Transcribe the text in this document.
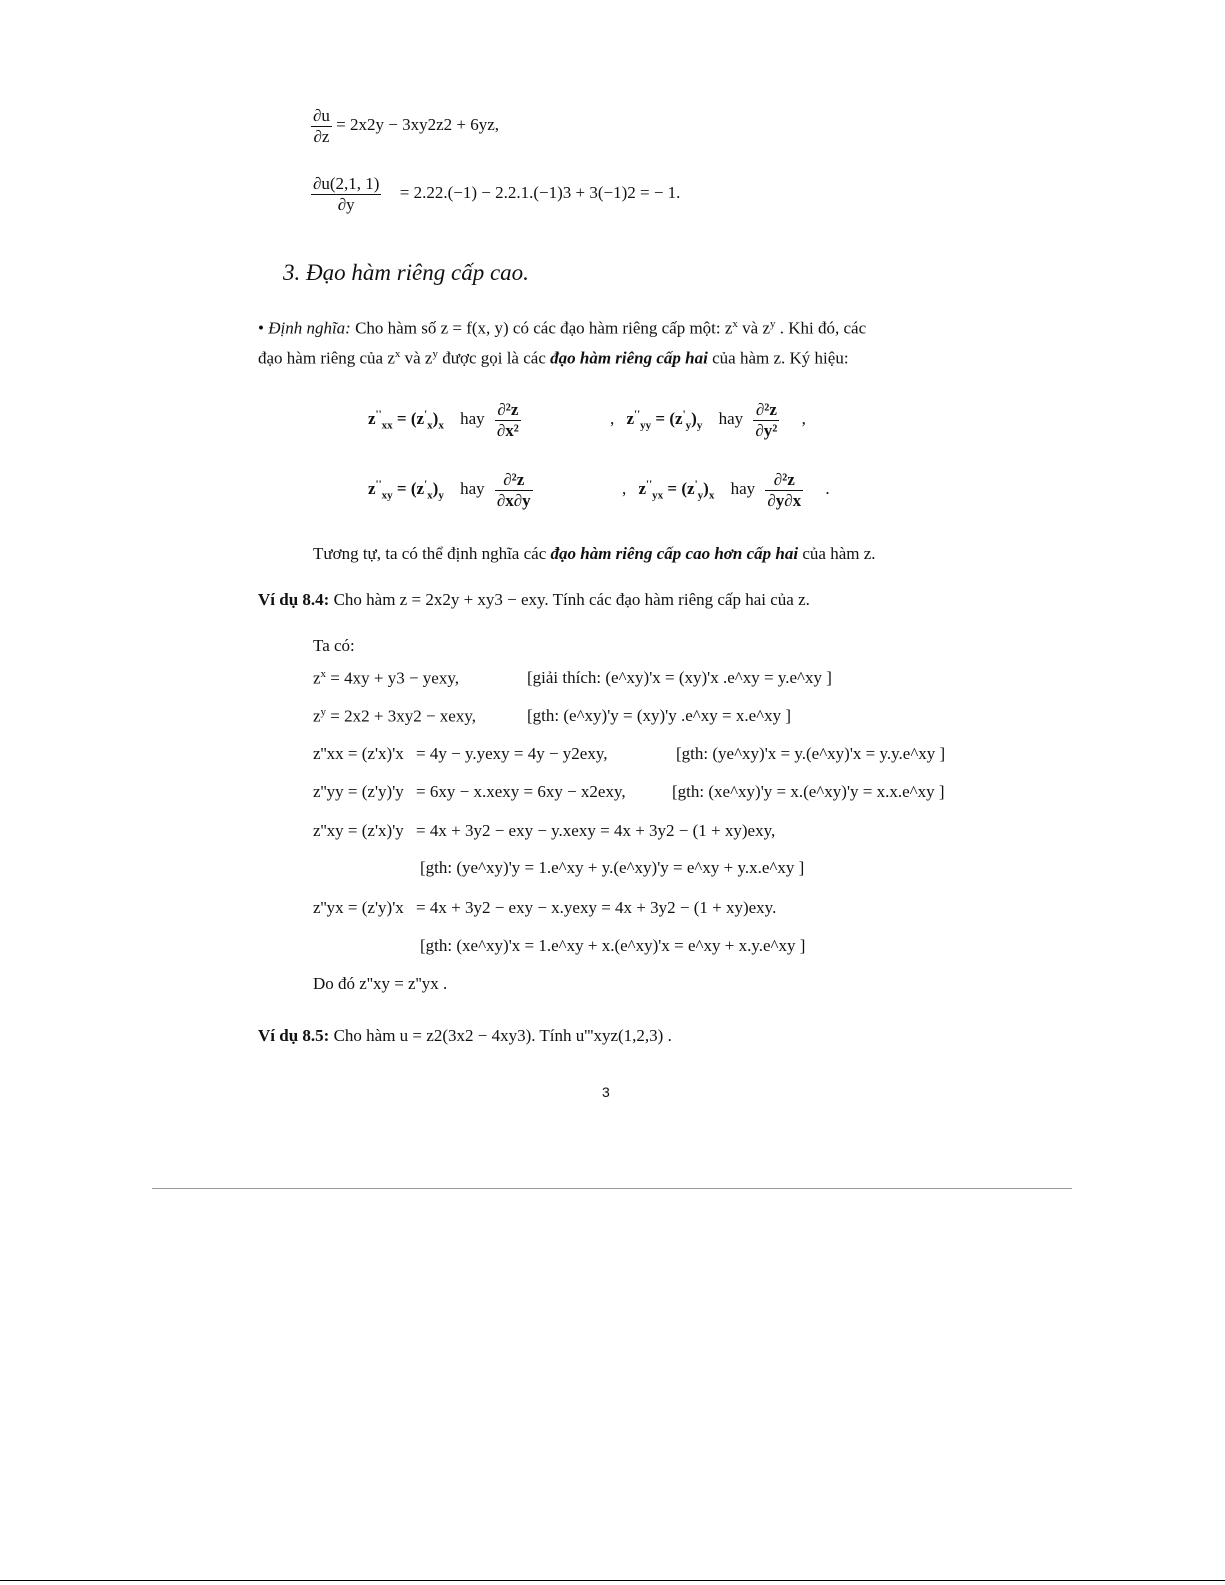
$\frac{\partial u}{\partial z} = 2x2y - 3xy2z2 + 6yz$,
$\frac{\partial u(2,1, 1)}{\partial y} = 2.22.(-1) - 2.2.1.(-1)3 + 3(-1)2$ = − 1.
3. Đạo hàm riêng cấp cao.
• Định nghĩa: Cho hàm số z = f(x, y) có các đạo hàm riêng cấp một: $z^x$ và $z^y$ . Khi đó, các
đạo hàm riêng của $z^x$ và $z^y$ được gọi là các đạo hàm riêng cấp hai của hàm z. Ký hiệu:
$z''_{xx} = (z'_x)_x$ hay $\frac{\text{∂²z}}{\text{∂x²}}$	, $z''_{yy} = (z'_y)_y$ hay $\frac{\text{∂²z}}{\text{∂y²}}$ ,
$z''_{xy} = (z'_x)_y$ hay $\frac{\text{∂²z}}{\partial x\partial y}$	, $z''_{yx} = (z'_y)_x$ hay $\frac{\text{∂²z}}{\partial y\partial x}$ .
Tương tự, ta có thể định nghĩa các đạo hàm riêng cấp cao hơn cấp hai của hàm z.
Ví dụ 8.4: Cho hàm z = 2x2y + xy3 − exy. Tính các đạo hàm riêng cấp hai của z.
Ta có:
$z^x = 4xy + y3$ − yexy,	[giải thích: (e^xy)'x = (xy)'x .e^xy = y.e^xy ]
$z^y = 2x2 + 3xy2$ − xexy,	[gth: (e^xy)'y = (xy)'y .e^xy = x.e^xy ]
z''xx = (z'x)'x = 4y − y.yexy = 4y − y2exy,	[gth: (ye^xy)'x = y.(e^xy)'x = y.y.e^xy ]
z''yy = (z'y)'y = 6xy − x.xexy = 6xy − x2exy,	[gth: (xe^xy)'y = x.(e^xy)'y = x.x.e^xy ]
z''xy = (z'x)'y = 4x + 3y2 − exy − y.xexy = 4x + 3y2 − (1 + xy)exy,
[gth: (ye^xy)'y = 1.e^xy + y.(e^xy)'y = e^xy + y.x.e^xy ]
z''yx = (z'y)'x = 4x + 3y2 − exy − x.yexy = 4x + 3y2 − (1 + xy)exy.
[gth: (xe^xy)'x = 1.e^xy + x.(e^xy)'x = e^xy + x.y.e^xy ]
Do đó z''xy = z''yx .
Ví dụ 8.5: Cho hàm u = z2(3x2 − 4xy3). Tính u'''xyz(1,2,3) .
3
